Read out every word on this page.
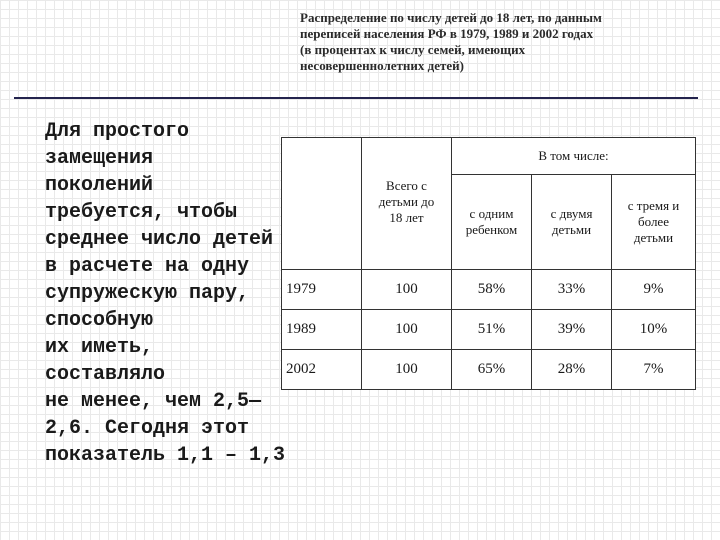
Распределение по числу детей до 18 лет, по данным
переписей населения РФ в 1979, 1989 и 2002 годах
(в процентах к числу семей, имеющих
несовершеннолетних детей)
Для простого
замещения
поколений
требуется, чтобы
среднее число детей
в расчете на одну
супружескую пару,
способную
их иметь,
составляло
не менее, чем 2,5—
2,6. Сегодня этот
показатель 1,1 – 1,3

	Всего с детьми до 18 лет	В том числе:		

		с одним ребенком	с двумя детьми	с тремя и более детьми

1979	100	58%	33%	9%
1989	100	51%	39%	10%
2002	100	65%	28%	7%
